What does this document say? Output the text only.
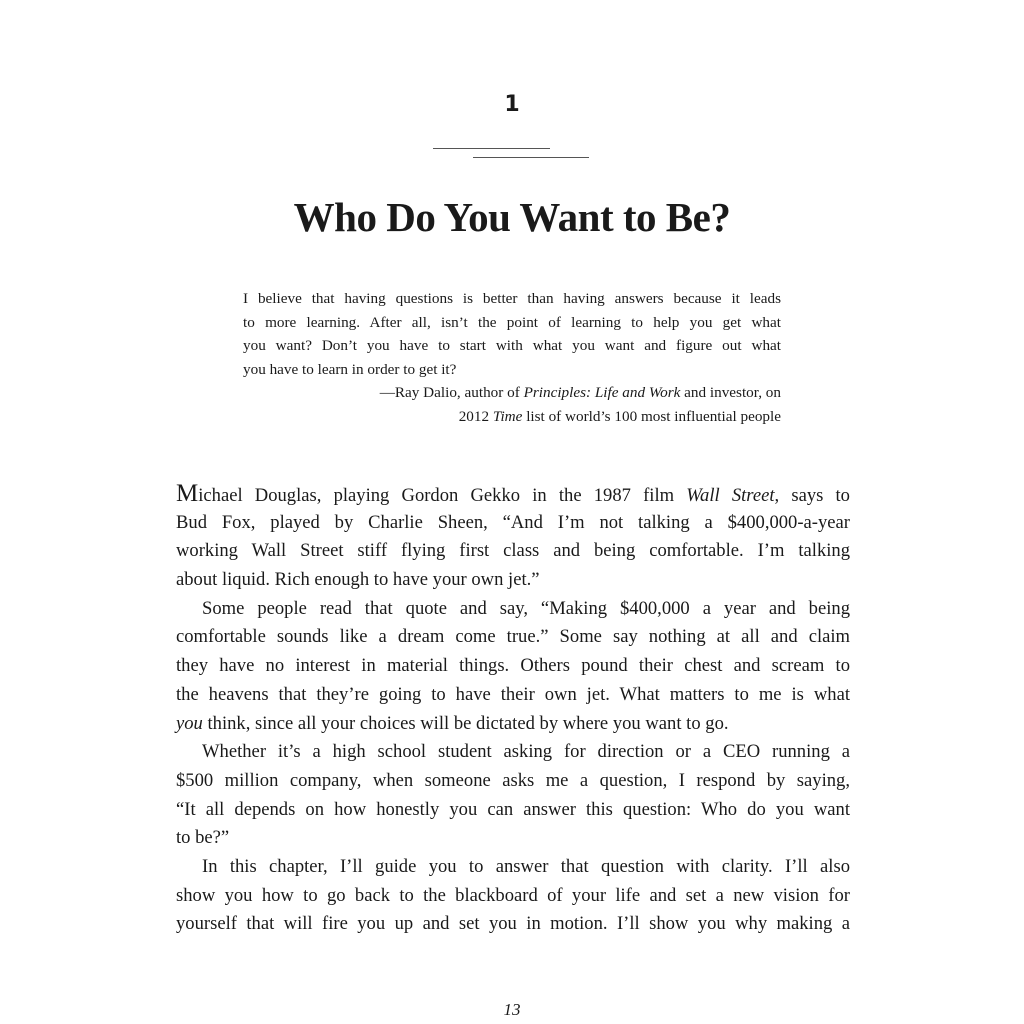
1
Who Do You Want to Be?
I believe that having questions is better than having answers because it leads
to more learning. After all, isn’t the point of learning to help you get what
you want? Don’t you have to start with what you want and figure out what
you have to learn in order to get it?
—Ray Dalio, author of Principles: Life and Work and investor, on
2012 Time list of world’s 100 most influential people
Michael Douglas, playing Gordon Gekko in the 1987 film Wall Street, says to
Bud Fox, played by Charlie Sheen, “And I’m not talking a $400,000-a-year
working Wall Street stiff flying first class and being comfortable. I’m talking
about liquid. Rich enough to have your own jet.”
Some people read that quote and say, “Making $400,000 a year and being
comfortable sounds like a dream come true.” Some say nothing at all and claim
they have no interest in material things. Others pound their chest and scream to
the heavens that they’re going to have their own jet. What matters to me is what
you think, since all your choices will be dictated by where you want to go.
Whether it’s a high school student asking for direction or a CEO running a
$500 million company, when someone asks me a question, I respond by saying,
“It all depends on how honestly you can answer this question: Who do you want
to be?”
In this chapter, I’ll guide you to answer that question with clarity. I’ll also
show you how to go back to the blackboard of your life and set a new vision for
yourself that will fire you up and set you in motion. I’ll show you why making a
13
